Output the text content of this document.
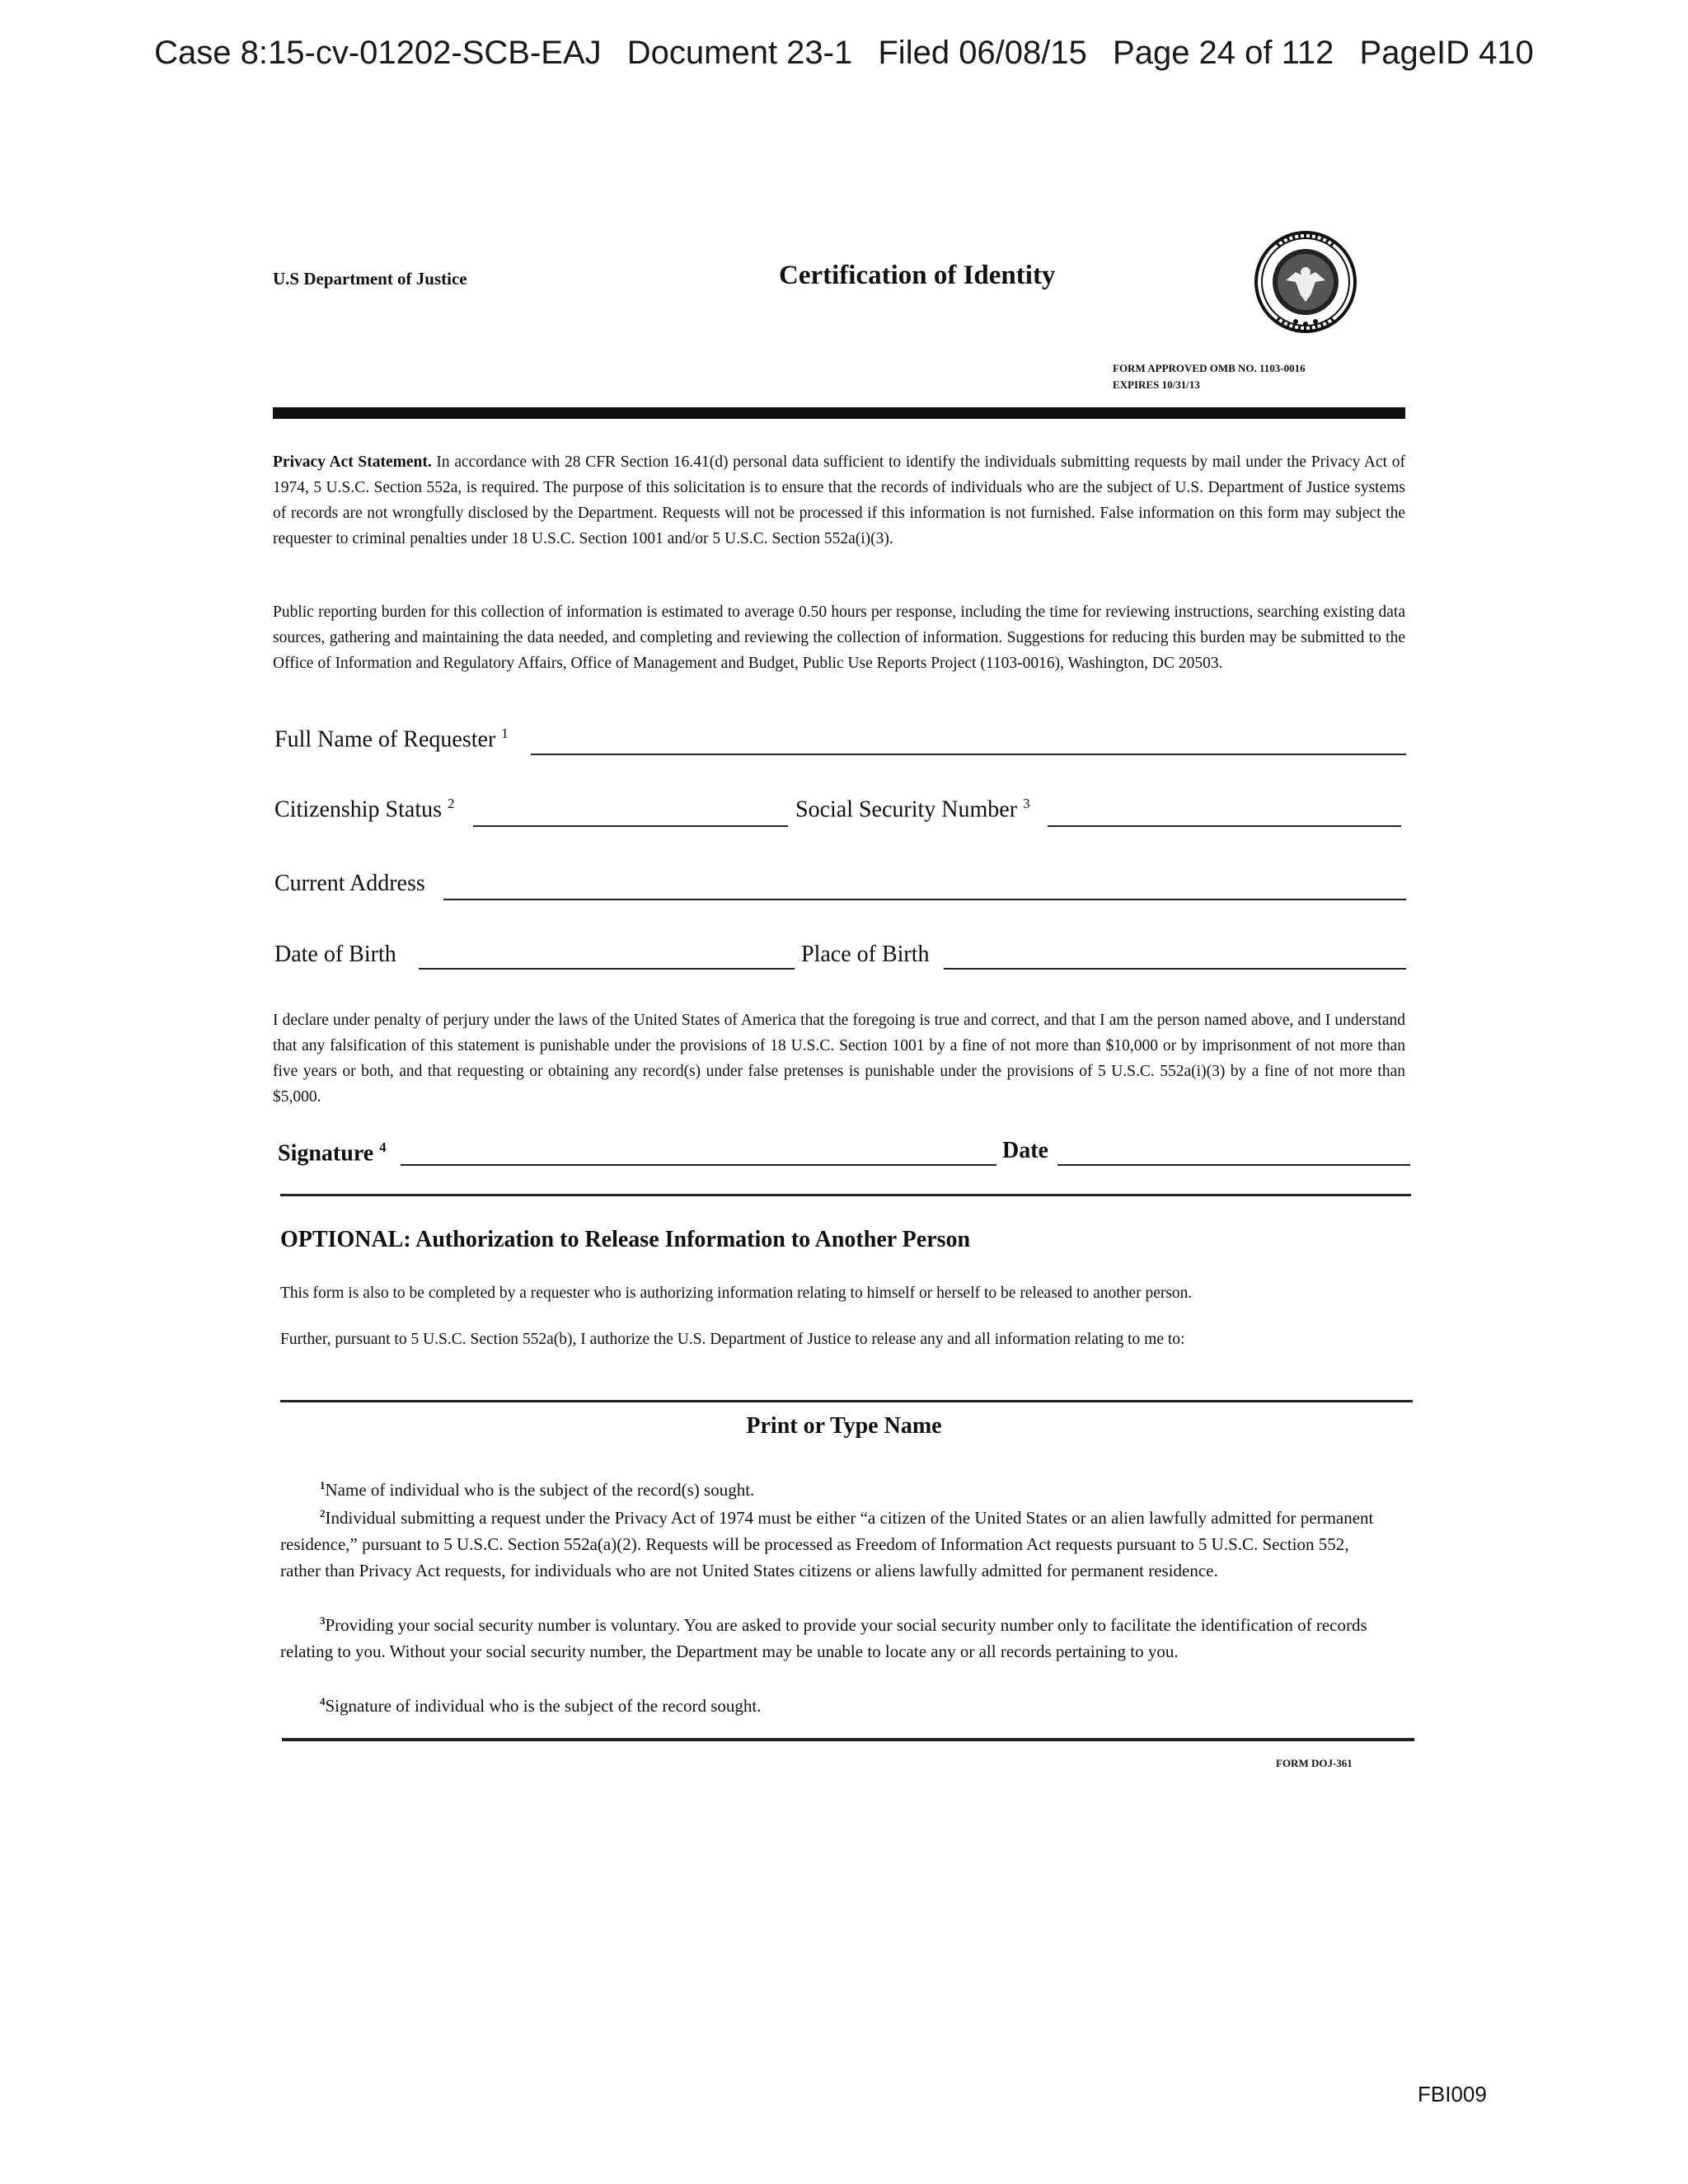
Case 8:15-cv-01202-SCB-EAJ Document 23-1 Filed 06/08/15 Page 24 of 112 PageID 410
U.S Department of Justice	Certification of Identity
FORM APPROVED OMB NO. 1103-0016
EXPIRES 10/31/13

Privacy Act Statement. In accordance with 28 CFR Section 16.41(d) personal data sufficient to identify the individuals submitting requests by mail under the Privacy Act of 1974, 5 U.S.C. Section 552a, is required. The purpose of this solicitation is to ensure that the records of individuals who are the subject of U.S. Department of Justice systems of records are not wrongfully disclosed by the Department. Requests will not be processed if this information is not furnished. False information on this form may subject the requester to criminal penalties under 18 U.S.C. Section 1001 and/or 5 U.S.C. Section 552a(i)(3).

Public reporting burden for this collection of information is estimated to average 0.50 hours per response, including the time for reviewing instructions, searching existing data sources, gathering and maintaining the data needed, and completing and reviewing the collection of information. Suggestions for reducing this burden may be submitted to the Office of Information and Regulatory Affairs, Office of Management and Budget, Public Use Reports Project (1103-0016), Washington, DC 20503.

Full Name of Requester $^1$
Citizenship Status $^2$	Social Security Number $^3$
Current Address
Date of Birth	Place of Birth

I declare under penalty of perjury under the laws of the United States of America that the foregoing is true and correct, and that I am the person named above, and I understand that any falsification of this statement is punishable under the provisions of 18 U.S.C. Section 1001 by a fine of not more than $10,000 or by imprisonment of not more than five years or both, and that requesting or obtaining any record(s) under false pretenses is punishable under the provisions of 5 U.S.C. 552a(i)(3) by a fine of not more than $5,000.

Signature $^4$	Date
OPTIONAL: Authorization to Release Information to Another Person
This form is also to be completed by a requester who is authorizing information relating to himself or herself to be released to another person.
Further, pursuant to 5 U.S.C. Section 552a(b), I authorize the U.S. Department of Justice to release any and all information relating to me to:
Print or Type Name

$^1$Name of individual who is the subject of the record(s) sought.

$^2$Individual submitting a request under the Privacy Act of 1974 must be either “a citizen of the United States or an alien lawfully admitted for permanent residence,” pursuant to 5 U.S.C. Section 552a(a)(2). Requests will be processed as Freedom of Information Act requests pursuant to 5 U.S.C. Section 552, rather than Privacy Act requests, for individuals who are not United States citizens or aliens lawfully admitted for permanent residence.

$^3$Providing your social security number is voluntary. You are asked to provide your social security number only to facilitate the identification of records relating to you. Without your social security number, the Department may be unable to locate any or all records pertaining to you.

$^4$Signature of individual who is the subject of the record sought.

FORM DOJ-361
FBI009
